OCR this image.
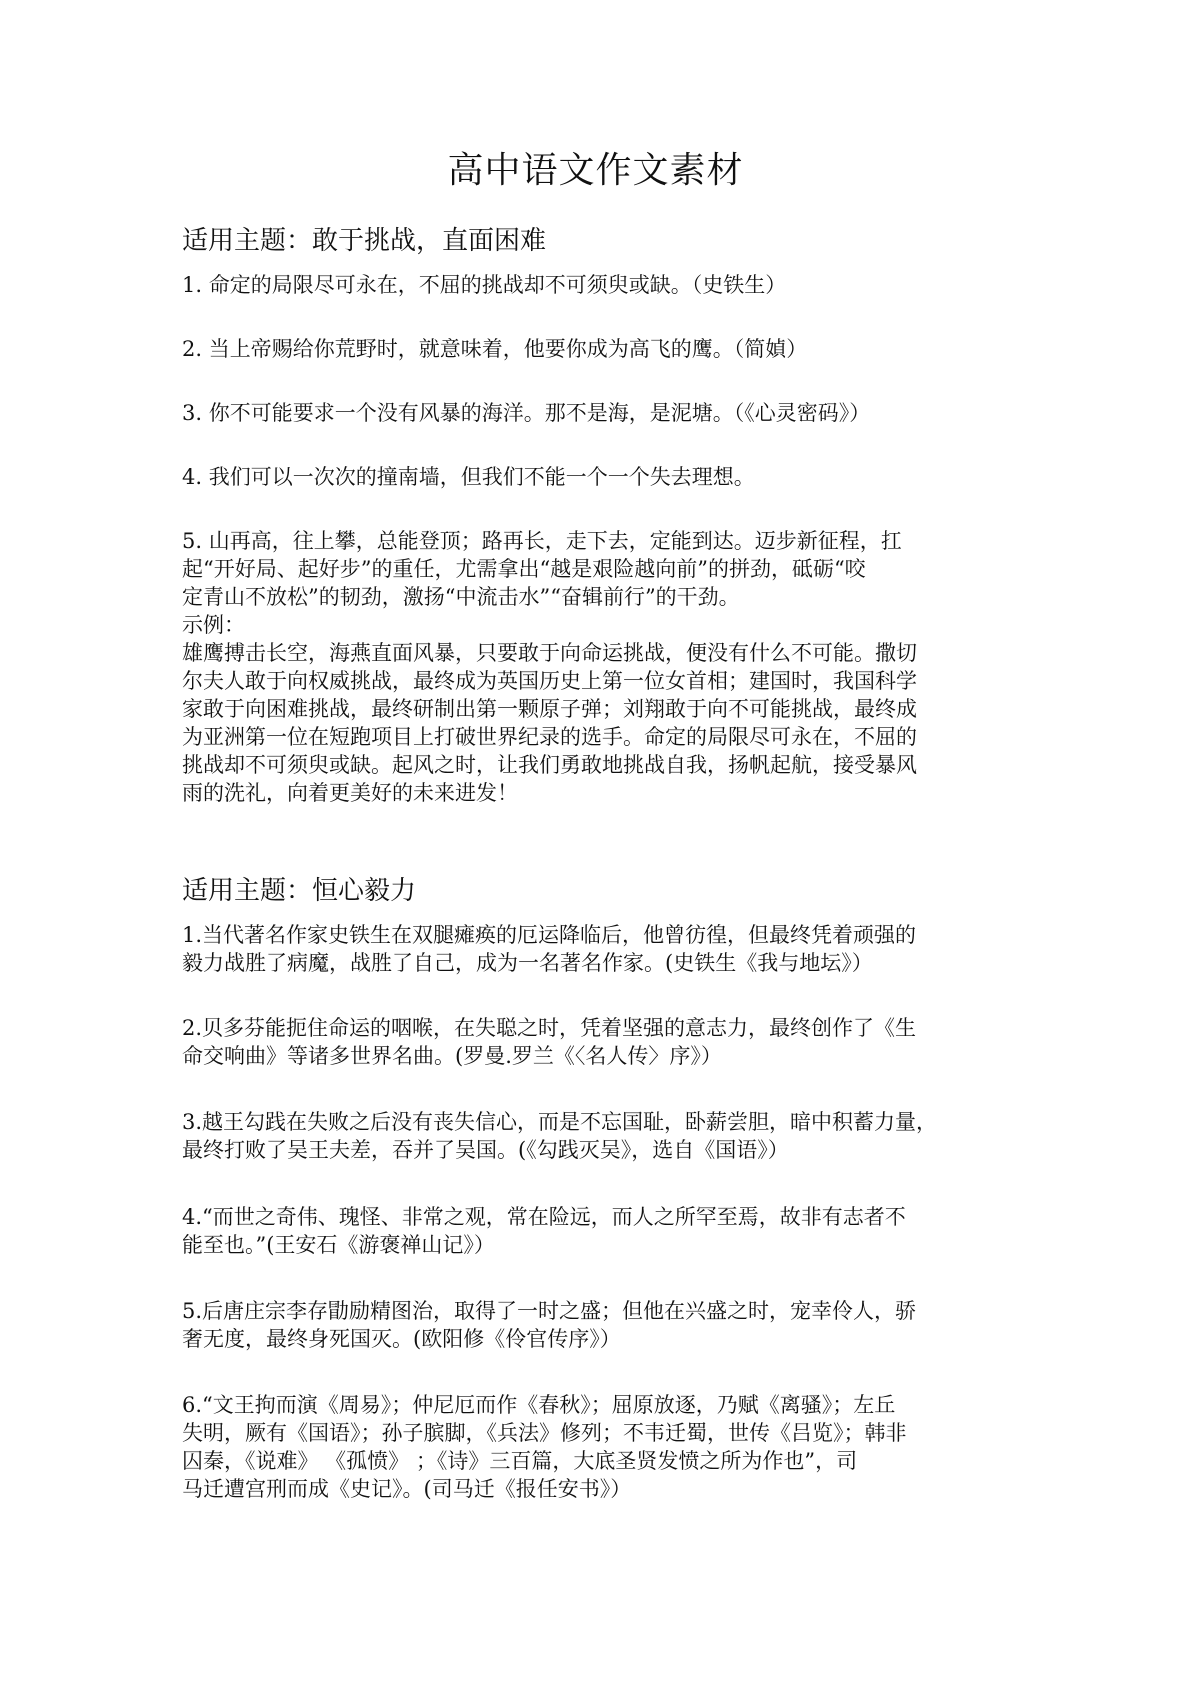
高中语文作文素材
适用主题：敢于挑战，直面困难
1. 命定的局限尽可永在，不屈的挑战却不可须臾或缺。（史铁生）
2. 当上帝赐给你荒野时，就意味着，他要你成为高飞的鹰。（简媜）
3. 你不可能要求一个没有风暴的海洋。那不是海，是泥塘。（《心灵密码》）
4. 我们可以一次次的撞南墙，但我们不能一个一个失去理想。
5. 山再高，往上攀，总能登顶；路再长，走下去，定能到达。迈步新征程，扛
起“开好局、起好步”的重任，尤需拿出“越是艰险越向前”的拼劲，砥砺“咬
定青山不放松”的韧劲，激扬“中流击水”“奋辑前行”的干劲。
示例：
雄鹰搏击长空，海燕直面风暴，只要敢于向命运挑战，便没有什么不可能。撒切
尔夫人敢于向权威挑战，最终成为英国历史上第一位女首相；建国时，我国科学
家敢于向困难挑战，最终研制出第一颗原子弹；刘翔敢于向不可能挑战，最终成
为亚洲第一位在短跑项目上打破世界纪录的选手。命定的局限尽可永在，不屈的
挑战却不可须臾或缺。起风之时，让我们勇敢地挑战自我，扬帆起航，接受暴风
雨的洗礼，向着更美好的未来进发！
适用主题：恒心毅力
1.当代著名作家史铁生在双腿瘫痪的厄运降临后，他曾彷徨，但最终凭着顽强的
毅力战胜了病魔，战胜了自己，成为一名著名作家。(史铁生《我与地坛》）
2.贝多芬能扼住命运的咽喉，在失聪之时，凭着坚强的意志力，最终创作了《生
命交响曲》等诸多世界名曲。(罗曼.罗兰《〈名人传〉序》）
3.越王勾践在失败之后没有丧失信心，而是不忘国耻，卧薪尝胆，暗中积蓄力量，
最终打败了吴王夫差，吞并了吴国。(《勾践灭吴》，选自《国语》）
4.“而世之奇伟、瑰怪、非常之观，常在险远，而人之所罕至焉，故非有志者不
能至也。”(王安石《游褒禅山记》）
5.后唐庄宗李存勖励精图治，取得了一时之盛；但他在兴盛之时，宠幸伶人，骄
奢无度，最终身死国灭。(欧阳修《伶官传序》）
6.“文王拘而演《周易》；仲尼厄而作《春秋》；屈原放逐，乃赋《离骚》；左丘
失明，厥有《国语》；孙子膑脚，《兵法》修列；不韦迁蜀，世传《吕览》；韩非
囚秦，《说难》 《孤愤》 ；《诗》三百篇，大底圣贤发愤之所为作也”，司
马迁遭宫刑而成《史记》。(司马迁《报任安书》）
